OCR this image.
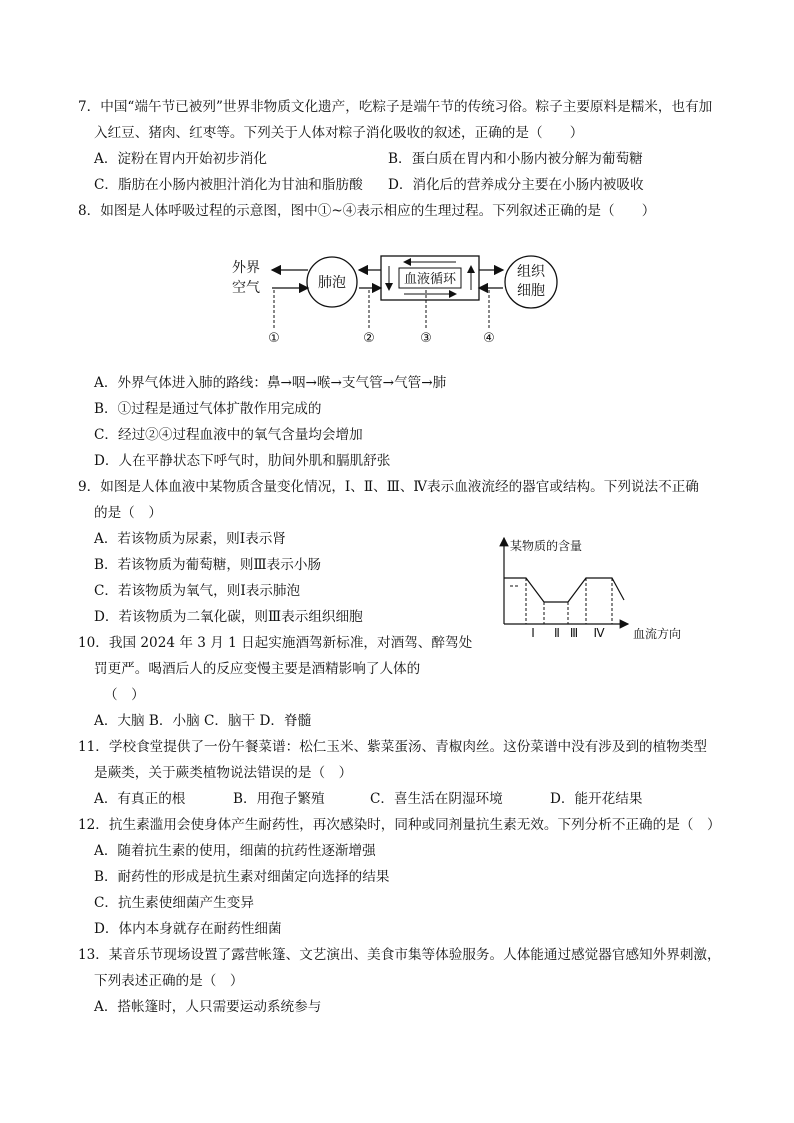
7．中国“端午节已被列”世界非物质文化遗产，吃粽子是端午节的传统习俗。粽子主要原料是糯米，也有加
入红豆、猪肉、红枣等。下列关于人体对粽子消化吸收的叙述，正确的是（　　）
A．淀粉在胃内开始初步消化	B．蛋白质在胃内和小肠内被分解为葡萄糖
C．脂肪在小肠内被胆汁消化为甘油和脂肪酸 D．消化后的营养成分主要在小肠内被吸收
8．如图是人体呼吸过程的示意图，图中①~④表示相应的生理过程。下列叙述正确的是（　　）
外界
空气	肺泡	血液循环	组织
细胞
①	②	③	④
A．外界气体进入肺的路线：鼻→咽→喉→支气管→气管→肺
B．①过程是通过气体扩散作用完成的
C．经过②④过程血液中的氧气含量均会增加
D．人在平静状态下呼气时，肋间外肌和膈肌舒张
9．如图是人体血液中某物质含量变化情况，Ⅰ、Ⅱ、Ⅲ、Ⅳ表示血液流经的器官或结构。下列说法不正确
的是（　）
A．若该物质为尿素，则Ⅰ表示肾
B．若该物质为葡萄糖，则Ⅲ表示小肠
C．若该物质为氧气，则Ⅰ表示肺泡
D．若该物质为二氧化碳，则Ⅲ表示组织细胞
某物质的含量
血流方向
Ⅰ Ⅱ Ⅲ Ⅳ
10．我国 2024 年 3 月 1 日起实施酒驾新标准，对酒驾、醉驾处
罚更严。喝酒后人的反应变慢主要是酒精影响了人体的
（　）
A．大脑 B．小脑 C．脑干 D．脊髓
11．学校食堂提供了一份午餐菜谱：松仁玉米、紫菜蛋汤、青椒肉丝。这份菜谱中没有涉及到的植物类型
是蕨类，关于蕨类植物说法错误的是（　）
A．有真正的根	B．用孢子繁殖	C．喜生活在阴湿环境	D．能开花结果
12．抗生素滥用会使身体产生耐药性，再次感染时，同种或同剂量抗生素无效。下列分析不正确的是（　）
A．随着抗生素的使用，细菌的抗药性逐渐增强
B．耐药性的形成是抗生素对细菌定向选择的结果
C．抗生素使细菌产生变异
D．体内本身就存在耐药性细菌
13．某音乐节现场设置了露营帐篷、文艺演出、美食市集等体验服务。人体能通过感觉器官感知外界刺激，
下列表述正确的是（　）
A．搭帐篷时，人只需要运动系统参与
